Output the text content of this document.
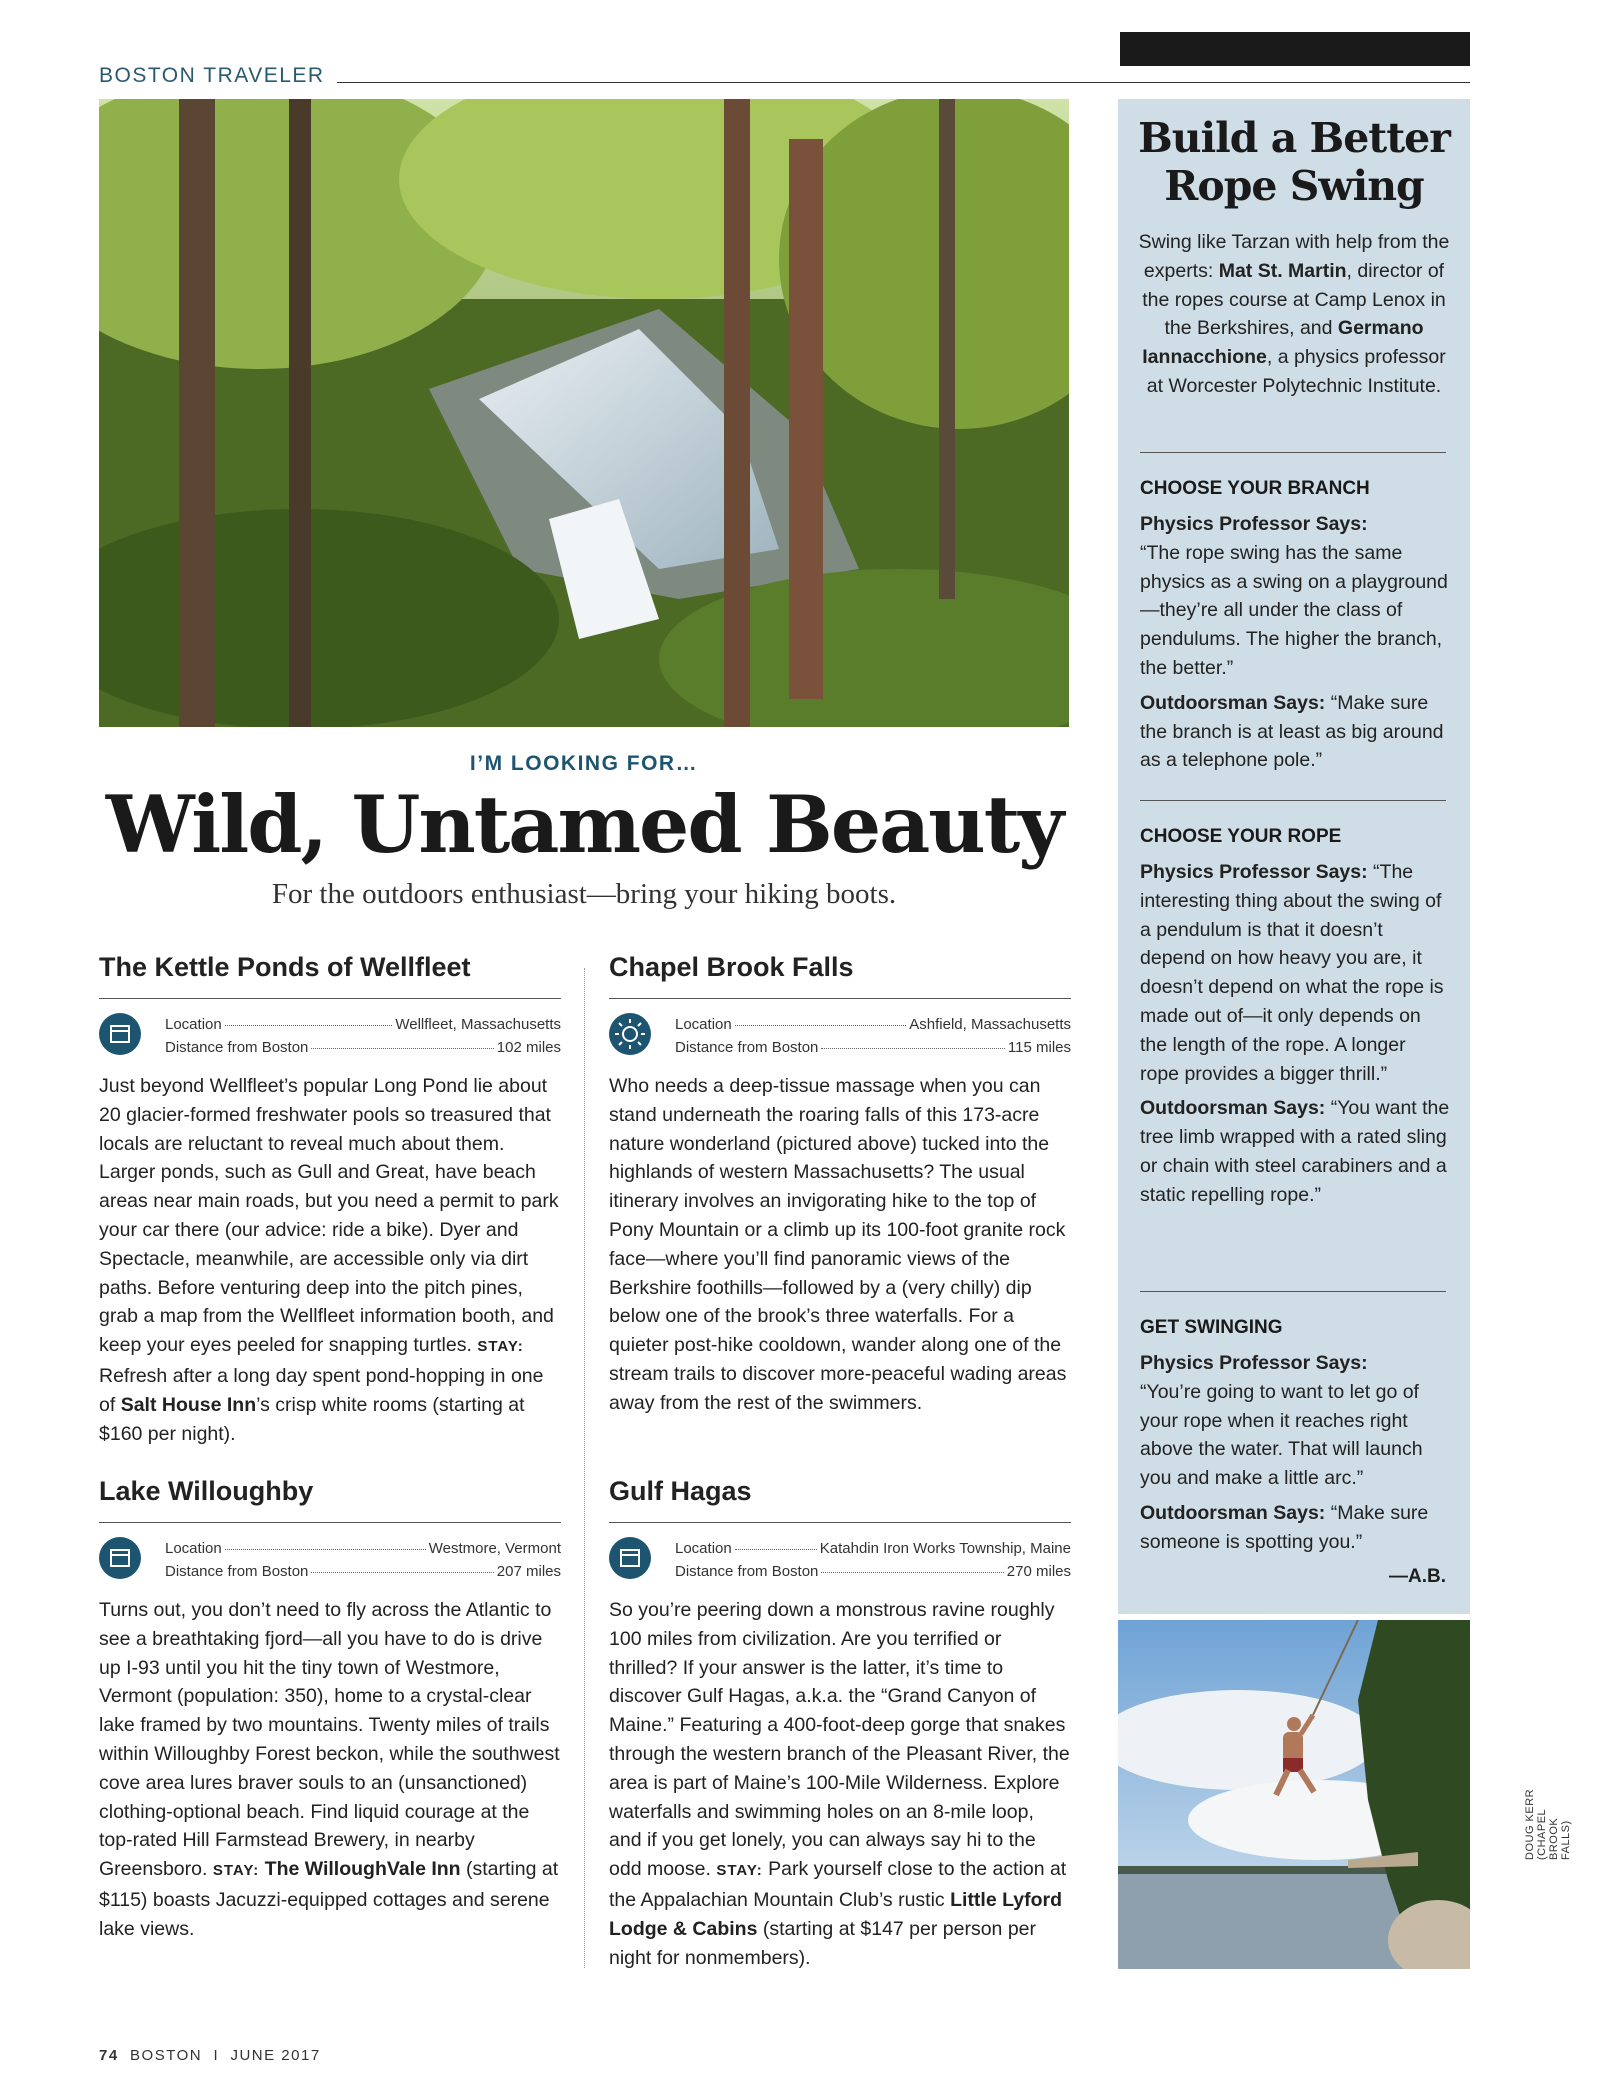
BOSTON TRAVELER
I’M LOOKING FOR…
Wild, Untamed Beauty
For the outdoors enthusiast—bring your hiking boots.
The Kettle Ponds of Wellfleet
Location	Wellfleet, Massachusetts
Distance from Boston	102 miles
Just beyond Wellfleet’s popular Long Pond lie about 20 glacier-formed freshwater pools so treasured that locals are reluctant to reveal much about them. Larger ponds, such as Gull and Great, have beach areas near main roads, but you need a permit to park your car there (our advice: ride a bike). Dyer and Spectacle, meanwhile, are accessible only via dirt paths. Before venturing deep into the pitch pines, grab a map from the Wellfleet information booth, and keep your eyes peeled for snapping turtles. STAY: Refresh after a long day spent pond-hopping in one of Salt House Inn’s crisp white rooms (starting at $160 per night).
Chapel Brook Falls
Location	Ashfield, Massachusetts
Distance from Boston	115 miles
Who needs a deep-tissue massage when you can stand underneath the roaring falls of this 173-acre nature wonderland (pictured above) tucked into the highlands of western Massachusetts? The usual itinerary involves an invigorating hike to the top of Pony Mountain or a climb up its 100-foot granite rock face—where you’ll find panoramic views of the Berkshire foothills—followed by a (very chilly) dip below one of the brook’s three waterfalls. For a quieter post-hike cooldown, wander along one of the stream trails to discover more-peaceful wading areas away from the rest of the swimmers.
Lake Willoughby
Location	Westmore, Vermont
Distance from Boston	207 miles
Turns out, you don’t need to fly across the Atlantic to see a breathtaking fjord—all you have to do is drive up I-93 until you hit the tiny town of Westmore, Vermont (population: 350), home to a crystal-clear lake framed by two mountains. Twenty miles of trails within Willoughby Forest beckon, while the southwest cove area lures braver souls to an (unsanctioned) clothing-optional beach. Find liquid courage at the top-rated Hill Farmstead Brewery, in nearby Greensboro. STAY: The WilloughVale Inn (starting at $115) boasts Jacuzzi-equipped cottages and serene lake views.
Gulf Hagas
Location	Katahdin Iron Works Township, Maine
Distance from Boston	270 miles
So you’re peering down a monstrous ravine roughly 100 miles from civilization. Are you terrified or thrilled? If your answer is the latter, it’s time to discover Gulf Hagas, a.k.a. the “Grand Canyon of Maine.” Featuring a 400-foot-deep gorge that snakes through the western branch of the Pleasant River, the area is part of Maine’s 100-Mile Wilderness. Explore waterfalls and swimming holes on an 8-mile loop, and if you get lonely, you can always say hi to the odd moose. STAY: Park yourself close to the action at the Appalachian Mountain Club’s rustic Little Lyford Lodge & Cabins (starting at $147 per person per night for nonmembers).
Build a Better Rope Swing
Swing like Tarzan with help from the experts: Mat St. Martin, director of the ropes course at Camp Lenox in the Berkshires, and Germano Iannacchione, a physics professor at Worcester Polytechnic Institute.
CHOOSE YOUR BRANCH
Physics Professor Says:
“The rope swing has the same physics as a swing on a playground—they’re all under the class of pendulums. The higher the branch, the better.”

Outdoorsman Says: “Make sure the branch is at least as big around as a telephone pole.”
CHOOSE YOUR ROPE
Physics Professor Says: “The interesting thing about the swing of a pendulum is that it doesn’t depend on how heavy you are, it doesn’t depend on what the rope is made out of—it only depends on the length of the rope. A longer rope provides a bigger thrill.”
Outdoorsman Says: “You want the tree limb wrapped with a rated sling or chain with steel carabiners and a static repelling rope.”
GET SWINGING
Physics Professor Says:
“You’re going to want to let go of your rope when it reaches right above the water. That will launch you and make a little arc.”
Outdoorsman Says: “Make sure someone is spotting you.”
—A.B.
DOUG KERR (CHAPEL BROOK FALLS)
74 BOSTON I JUNE 2017
